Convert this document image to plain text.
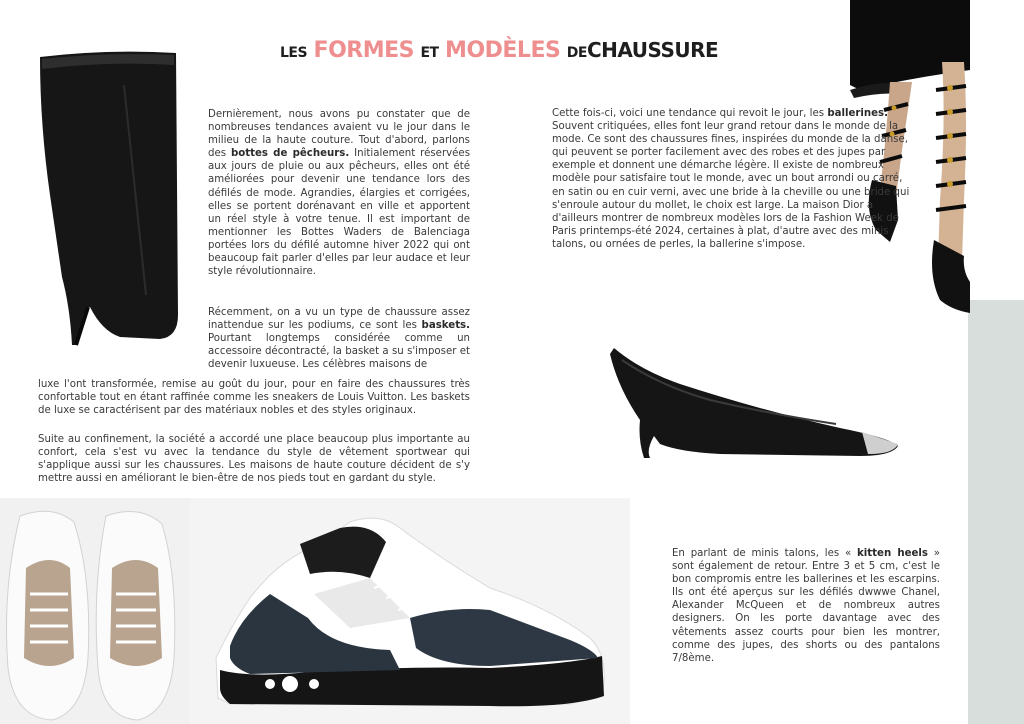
LES FORMES ET MODÈLES DECHAUSSURE
Dernièrement, nous avons pu constater que de nombreuses tendances avaient vu le jour dans le milieu de la haute couture. Tout d'abord, parlons des bottes de pêcheurs. Initialement réservées aux jours de pluie ou aux pêcheurs, elles ont été améliorées pour devenir une tendance lors des défilés de mode. Agrandies, élargies et corrigées, elles se portent dorénavant en ville et apportent un réel style à votre tenue. Il est important de mentionner les Bottes Waders de Balenciaga portées lors du défilé automne hiver 2022 qui ont beaucoup fait parler d'elles par leur audace et leur style révolutionnaire.

Récemment, on a vu un type de chaussure assez inattendue sur les podiums, ce sont les baskets. Pourtant longtemps considérée comme un accessoire décontracté, la basket a su s'imposer et devenir luxueuse. Les célèbres maisons de

luxe l'ont transformée, remise au goût du jour, pour en faire des chaussures très confortable tout en étant raffinée comme les sneakers de Louis Vuitton. Les baskets de luxe se caractérisent par des matériaux nobles et des styles originaux.

Suite au confinement, la société a accordé une place beaucoup plus importante au confort, cela s'est vu avec la tendance du style de vêtement sportwear qui s'applique aussi sur les chaussures. Les maisons de haute couture décident de s'y mettre aussi en améliorant le bien-être de nos pieds tout en gardant du style.
Cette fois-ci, voici une tendance qui revoit le jour, les ballerines. Souvent critiquées, elles font leur grand retour dans le monde de la mode. Ce sont des chaussures fines, inspirées du monde de la danse, qui peuvent se porter facilement avec des robes et des jupes par exemple et donnent une démarche légère. Il existe de nombreux modèle pour satisfaire tout le monde, avec un bout arrondi ou carré, en satin ou en cuir verni, avec une bride à la cheville ou une bride qui s'enroule autour du mollet, le choix est large. La maison Dior a d'ailleurs montrer de nombreux modèles lors de la Fashion Week de Paris printemps-été 2024, certaines à plat, d'autre avec des minis talons, ou ornées de perles, la ballerine s'impose.
En parlant de minis talons, les « kitten heels » sont également de retour. Entre 3 et 5 cm, c'est le bon compromis entre les ballerines et les escarpins. Ils ont été aperçus sur les défilés dwwwe Chanel, Alexander McQueen et de nombreux autres designers. On les porte davantage avec des vêtements assez courts pour bien les montrer, comme des jupes, des shorts ou des pantalons 7/8ème.
